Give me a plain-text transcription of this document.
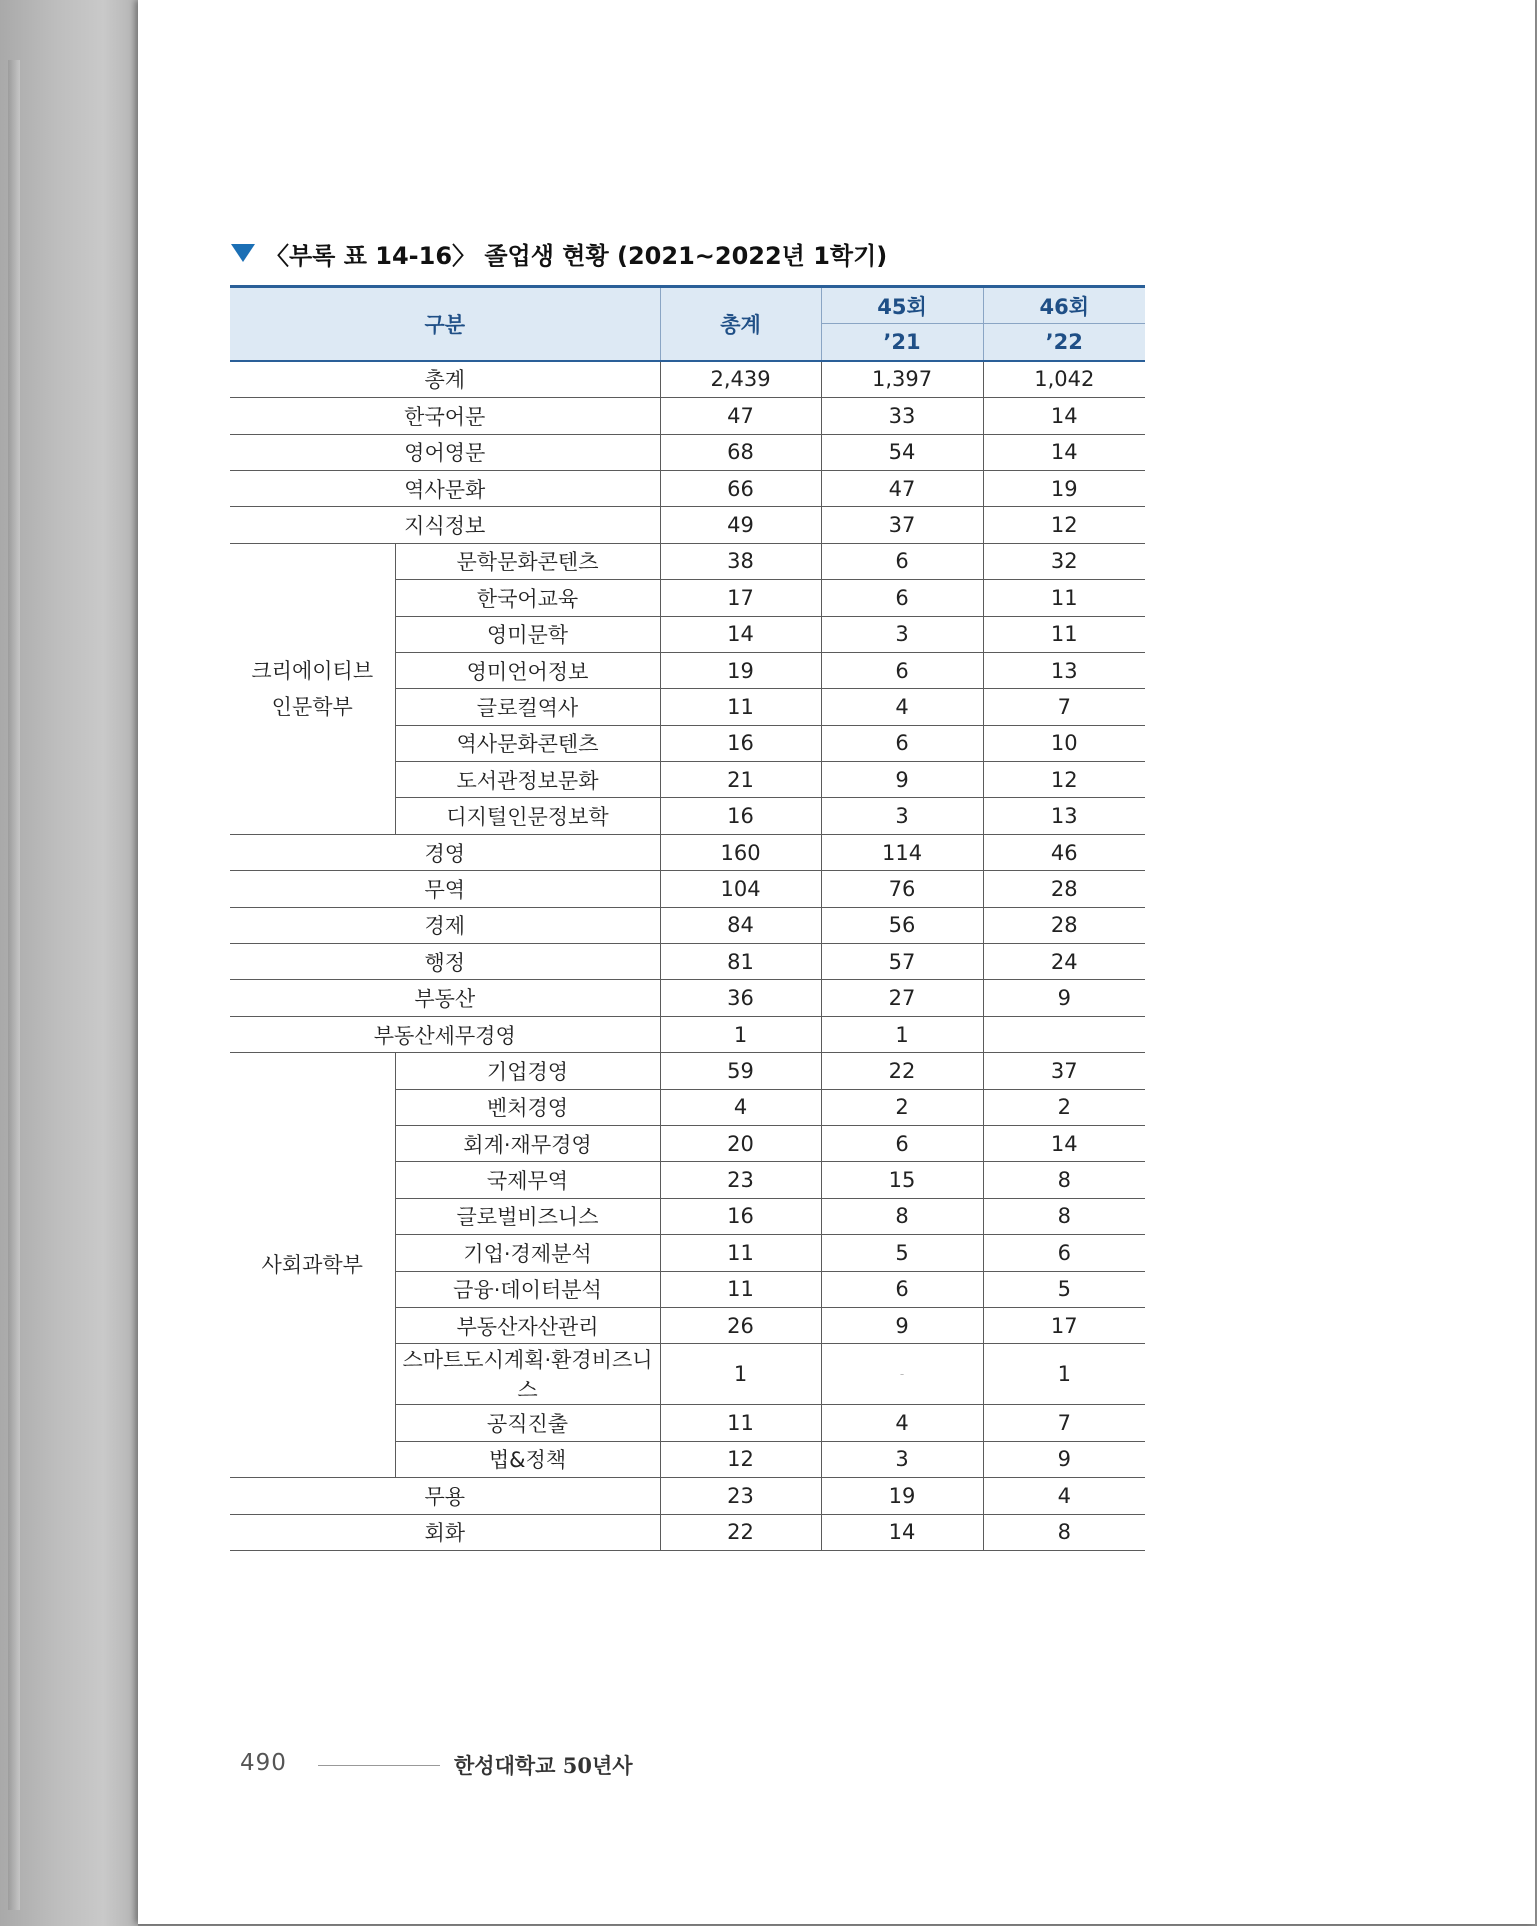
〈부록 표 14-16〉 졸업생 현황 (2021~2022년 1학기)
구분		총계	45회	46회
			’21	’22
총계		2,439	1,397	1,042
한국어문		47	33	14
영어영문		68	54	14
역사문화		66	47	19
지식정보		49	37	12
크리에이티브
인문학부	문학문화콘텐츠	38	6	32
	한국어교육	17	6	11
	영미문학	14	3	11
	영미언어정보	19	6	13
	글로컬역사	11	4	7
	역사문화콘텐츠	16	6	10
	도서관정보문화	21	9	12
	디지털인문정보학	16	3	13
경영		160	114	46
무역		104	76	28
경제		84	56	28
행정		81	57	24
부동산		36	27	9
부동산세무경영		1	1	
사회과학부	기업경영	59	22	37
	벤처경영	4	2	2
	회계·재무경영	20	6	14
	국제무역	23	15	8
	글로벌비즈니스	16	8	8
	기업·경제분석	11	5	6
	금융·데이터분석	11	6	5
	부동산자산관리	26	9	17
	스마트도시계획·환경비즈니스	1	-	1
	공직진출	11	4	7
	법&정책	12	3	9
무용		23	19	4
회화		22	14	8
490	한성대학교 50년사
